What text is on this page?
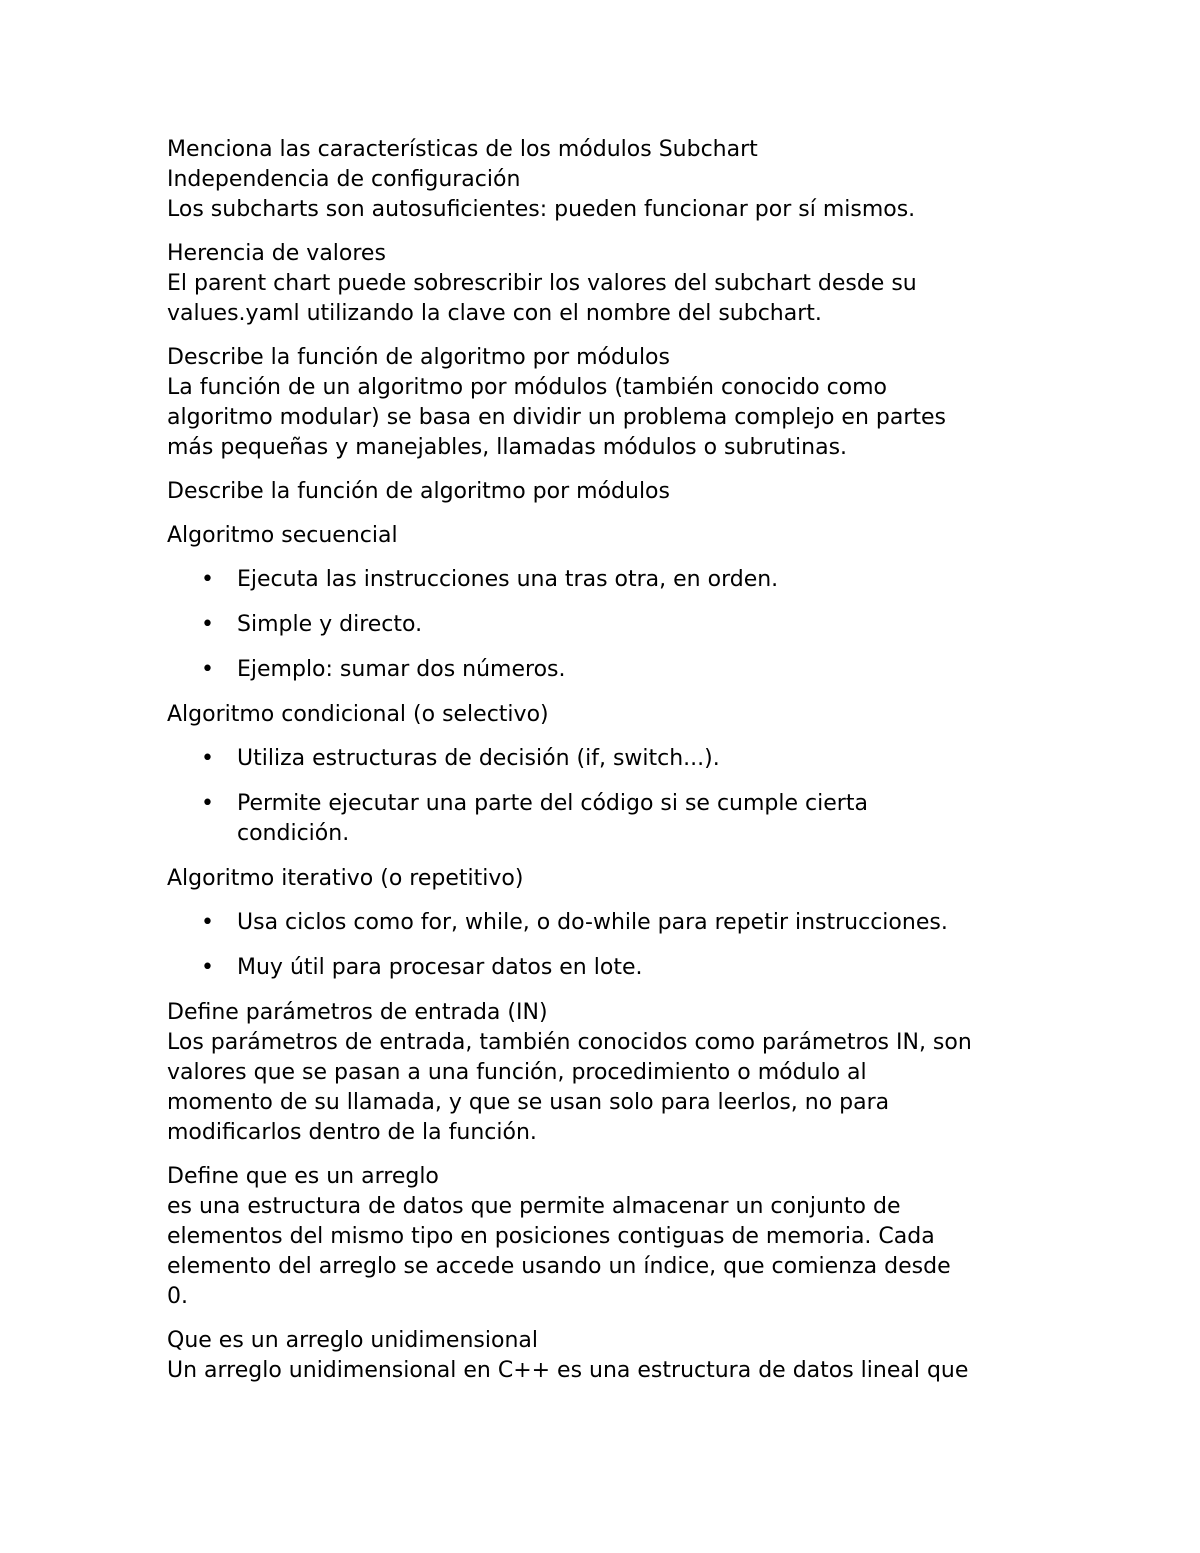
Menciona las características de los módulos Subchart
Independencia de configuración
Los subcharts son autosuficientes: pueden funcionar por sí mismos.
Herencia de valores
El parent chart puede sobrescribir los valores del subchart desde su
values.yaml utilizando la clave con el nombre del subchart.
Describe la función de algoritmo por módulos
La función de un algoritmo por módulos (también conocido como
algoritmo modular) se basa en dividir un problema complejo en partes
más pequeñas y manejables, llamadas módulos o subrutinas.
Describe la función de algoritmo por módulos
Algoritmo secuencial
• Ejecuta las instrucciones una tras otra, en orden.
• Simple y directo.
• Ejemplo: sumar dos números.
Algoritmo condicional (o selectivo)
• Utiliza estructuras de decisión (if, switch...).
• Permite ejecutar una parte del código si se cumple cierta
condición.
Algoritmo iterativo (o repetitivo)
• Usa ciclos como for, while, o do-while para repetir instrucciones.
• Muy útil para procesar datos en lote.
Define parámetros de entrada (IN)
Los parámetros de entrada, también conocidos como parámetros IN, son
valores que se pasan a una función, procedimiento o módulo al
momento de su llamada, y que se usan solo para leerlos, no para
modificarlos dentro de la función.
Define que es un arreglo
es una estructura de datos que permite almacenar un conjunto de
elementos del mismo tipo en posiciones contiguas de memoria. Cada
elemento del arreglo se accede usando un índice, que comienza desde
0.
Que es un arreglo unidimensional
Un arreglo unidimensional en C++ es una estructura de datos lineal que
